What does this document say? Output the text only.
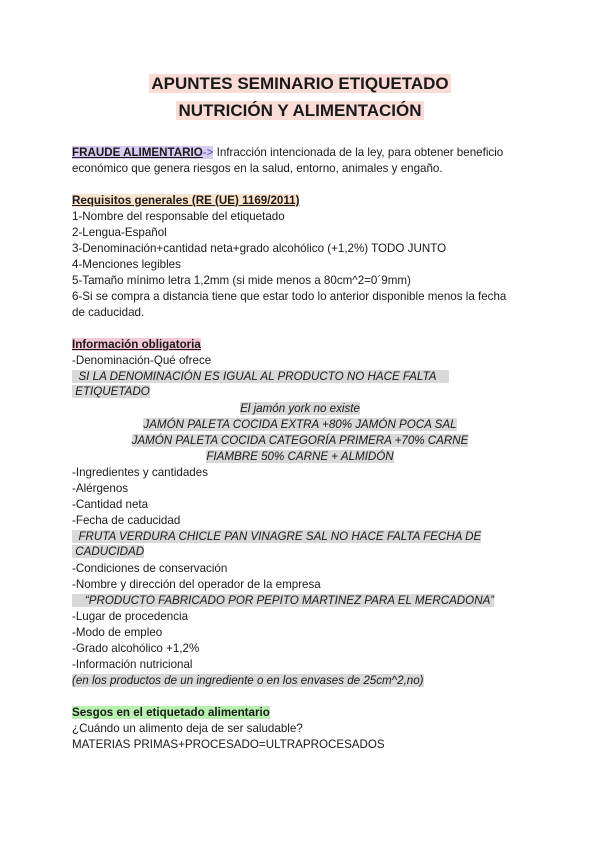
APUNTES SEMINARIO ETIQUETADO
NUTRICIÓN Y ALIMENTACIÓN
FRAUDE ALIMENTARIO-> Infracción intencionada de la ley, para obtener beneficio
económico que genera riesgos en la salud, entorno, animales y engaño.
Requisitos generales (RE (UE) 1169/2011)
1-Nombre del responsable del etiquetado
2-Lengua-Español
3-Denominación+cantidad neta+grado alcohólico (+1,2%) TODO JUNTO
4-Menciones legibles
5-Tamaño mínimo letra 1,2mm (si mide menos a 80cm^2=0´9mm)
6-Si se compra a distancia tiene que estar todo lo anterior disponible menos la fecha
de caducidad.
Información obligatoria
-Denominación-Qué ofrece
SI LA DENOMINACIÓN ES IGUAL AL PRODUCTO NO HACE FALTA
ETIQUETADO
El jamón york no existe
JAMÓN PALETA COCIDA EXTRA +80% JAMÓN POCA SAL
JAMÓN PALETA COCIDA CATEGORÍA PRIMERA +70% CARNE
FIAMBRE 50% CARNE + ALMIDÓN
-Ingredientes y cantidades
-Alérgenos
-Cantidad neta
-Fecha de caducidad
FRUTA VERDURA CHICLE PAN VINAGRE SAL NO HACE FALTA FECHA DE
CADUCIDAD
-Condiciones de conservación
-Nombre y dirección del operador de la empresa
“PRODUCTO FABRICADO POR PEPITO MARTINEZ PARA EL MERCADONA”
-Lugar de procedencia
-Modo de empleo
-Grado alcohólico +1,2%
-Información nutricional
(en los productos de un ingrediente o en los envases de 25cm^2,no)
Sesgos en el etiquetado alimentario
¿Cuándo un alimento deja de ser saludable?
MATERIAS PRIMAS+PROCESADO=ULTRAPROCESADOS
